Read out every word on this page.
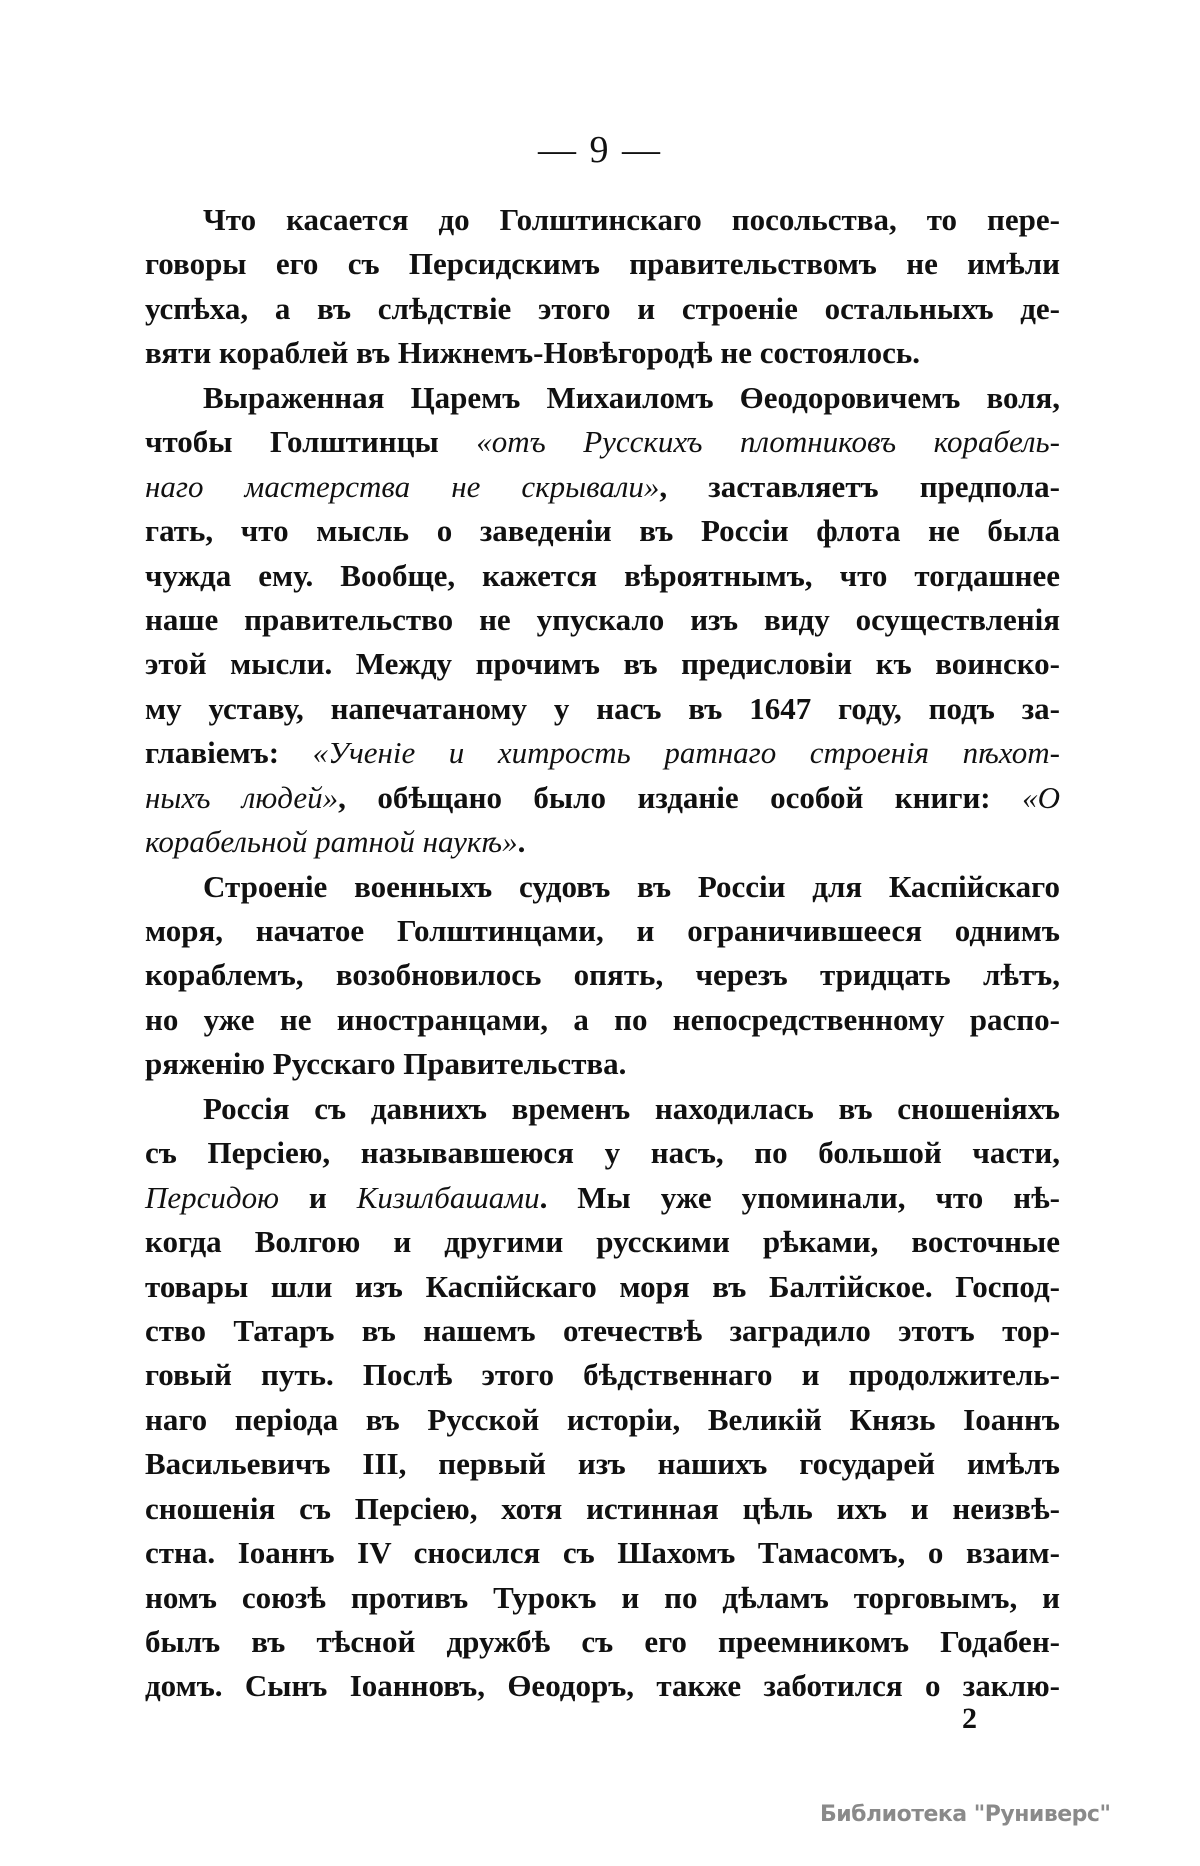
— 9 —
Что касается до Голштинскаго посольства, то пере-
говоры его съ Персидскимъ правительствомъ не имѣли
успѣха, а въ слѣдствіе этого и строеніе остальныхъ де-
вяти кораблей въ Нижнемъ-Новѣгородѣ не состоялось.
Выраженная Царемъ Михаиломъ Өеодоровичемъ воля,
чтобы Голштинцы «отъ Русскихъ плотниковъ корабель-
наго мастерства не скрывали», заставляетъ предпола-
гать, что мысль о заведеніи въ Россіи флота не была
чужда ему. Вообще, кажется вѣроятнымъ, что тогдашнее
наше правительство не упускало изъ виду осуществленія
этой мысли. Между прочимъ въ предисловіи къ воинско-
му уставу, напечатаному у насъ въ 1647 году, подъ за-
главіемъ: «Ученіе и хитрость ратнаго строенія пѣхот-
ныхъ людей», обѣщано было изданіе особой книги: «О
корабельной ратной наукѣ».
Строеніе военныхъ судовъ въ Россіи для Каспійскаго
моря, начатое Голштинцами, и ограничившееся однимъ
кораблемъ, возобновилось опять, черезъ тридцать лѣтъ,
но уже не иностранцами, а по непосредственному распо-
ряженію Русскаго Правительства.
Россія съ давнихъ временъ находилась въ сношеніяхъ
съ Персіею, называвшеюся у насъ, по большой части,
Персидою и Кизилбашами. Мы уже упоминали, что нѣ-
когда Волгою и другими русскими рѣками, восточные
товары шли изъ Каспійскаго моря въ Балтійское. Господ-
ство Татаръ въ нашемъ отечествѣ заградило этотъ тор-
говый путь. Послѣ этого бѣдственнаго и продолжитель-
наго періода въ Русской исторіи, Великій Князь Іоаннъ
Васильевичъ III, первый изъ нашихъ государей имѣлъ
сношенія съ Персіею, хотя истинная цѣль ихъ и неизвѣ-
стна. Іоаннъ IV сносился съ Шахомъ Тамасомъ, о взаим-
номъ союзѣ противъ Турокъ и по дѣламъ торговымъ, и
былъ въ тѣсной дружбѣ съ его преемникомъ Годабен-
домъ. Сынъ Іоанновъ, Өеодоръ, также заботился о заклю-
2
Библиотека "Руниверс"
